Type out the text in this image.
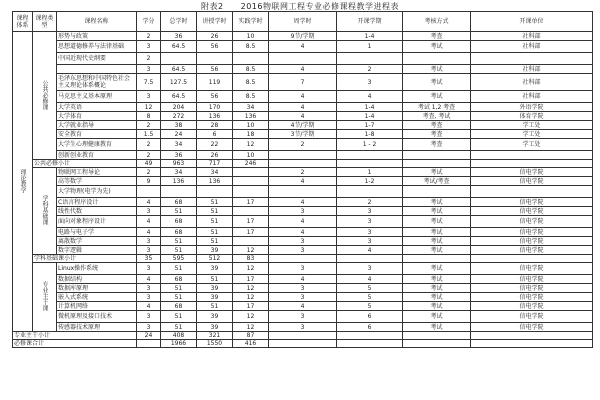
附表2　　2016物联网工程专业必修课程教学进程表
课程体系	课程类型	课程名称	学分	总学时	讲授学时	实践学时	周学时	开课学期	考核方式	开课单位
理论教学	公共必修课	形势与政策	2	36	26	10	9节/学期	1-4	考查	社科部
		思想道德修养与法律基础	3	64.5	56	8.5	4	1	考试	社科部
		中国近现代史纲要	2							
			3	64.5	56	8.5	4	2	考试	社科部
		毛泽东思想和中国特色社会主义理论体系概论	7.5	127.5	119	8.5	7	3	考试	社科部
		马克思主义基本原理	3	64.5	56	8.5	4	4	考试	社科部
		大学英语	12	204	170	34	4	1-4	考试 1,2 考查	外语学院
		大学体育	8	272	136	136	4	1-4	考查, 考试	体育学院
		大学就业指导	2	38	28	10	4节/学期	1-7	考查	学工处
		安全教育	1.5	24	6	18	3节/学期	1-8	考查	学工处
		大学生心理健康教育	2	34	22	12	2	1 - 2	考查	学工处
		创新创业教育	2	36	26	10				
	公共必修小计		49	963	717	246				
	学科基础课	物联网工程导论	2	34	34		2	1	考试	信电学院
		高等数学	9	136	136		4	1-2	考试/考查	信电学院
		大学物理(电学为先)								
		C语言程序设计	4	68	51	17	4	2	考试	信电学院
		线性代数	3	51	51		3	3	考试	信电学院
		面向对象程序设计	4	68	51	17	4	3	考试	信电学院
		电路与电子学	4	68	51	17	4	3	考试	信电学院
		离散数学	3	51	51		3	3	考试	信电学院
		数字逻辑	3	51	39	12	3	4	考试	信电学院
	学科基础课小计		35	595	512	83				
	专业主干课	Linux操作系统	3	51	39	12	3	3	考试	信电学院
		数据结构	4	68	51	17	4	4	考试	信电学院
		数据库原理	3	51	39	12	3	5	考试	信电学院
		嵌入式系统	3	51	39	12	3	5	考试	信电学院
		计算机网络	4	68	51	17	4	5	考试	信电学院
		微机原理及接口技术	3	51	39	12	3	6	考试	信电学院
		传感器技术原理	3	51	39	12	3	6	考试	信电学院
专业主干小计			24	408	321	87				
必修课合计				1966	1550	416				
